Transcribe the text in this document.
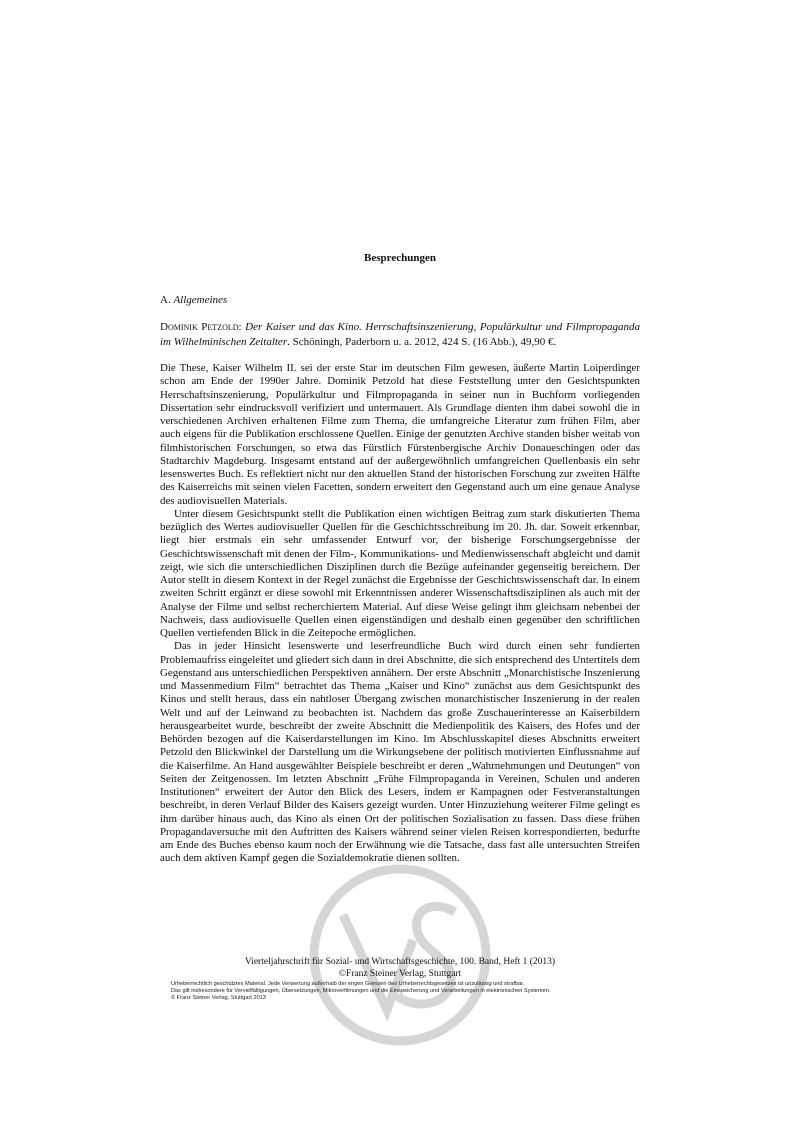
Besprechungen
A. Allgemeines
Dominik Petzold: Der Kaiser und das Kino. Herrschaftsinszenierung, Populärkultur und Filmpropaganda im Wilhelminischen Zeitalter. Schöningh, Paderborn u. a. 2012, 424 S. (16 Abb.), 49,90 €.

Die These, Kaiser Wilhelm II. sei der erste Star im deutschen Film gewesen, äußerte Martin Loiperdinger schon am Ende der 1990er Jahre. Dominik Petzold hat diese Feststellung unter den Gesichtspunkten Herrschaftsinszenierung, Populärkultur und Filmpropaganda in seiner nun in Buchform vorliegenden Dissertation sehr eindrucksvoll verifiziert und untermauert. Als Grundlage dienten ihm dabei sowohl die in verschiedenen Archiven erhaltenen Filme zum Thema, die umfangreiche Literatur zum frühen Film, aber auch eigens für die Publikation erschlossene Quellen. Einige der genutzten Archive standen bisher weitab von filmhistorischen Forschungen, so etwa das Fürstlich Fürstenbergische Archiv Donaueschingen oder das Stadtarchiv Magdeburg. Insgesamt entstand auf der außergewöhnlich umfangreichen Quellenbasis ein sehr lesenswertes Buch. Es reflektiert nicht nur den aktuellen Stand der historischen Forschung zur zweiten Hälfte des Kaiserreichs mit seinen vielen Facetten, sondern erweitert den Gegenstand auch um eine genaue Analyse des audiovisuellen Materials.

Unter diesem Gesichtspunkt stellt die Publikation einen wichtigen Beitrag zum stark diskutierten Thema bezüglich des Wertes audiovisueller Quellen für die Geschichtsschreibung im 20. Jh. dar. Soweit erkennbar, liegt hier erstmals ein sehr umfassender Entwurf vor, der bisherige Forschungsergebnisse der Geschichtswissenschaft mit denen der Film-, Kommunikations- und Medienwissenschaft abgleicht und damit zeigt, wie sich die unterschiedlichen Disziplinen durch die Bezüge aufeinander gegenseitig bereichern. Der Autor stellt in diesem Kontext in der Regel zunächst die Ergebnisse der Geschichtswissenschaft dar. In einem zweiten Schritt ergänzt er diese sowohl mit Erkenntnissen anderer Wissenschaftsdisziplinen als auch mit der Analyse der Filme und selbst recherchiertem Material. Auf diese Weise gelingt ihm gleichsam nebenbei der Nachweis, dass audiovisuelle Quellen einen eigenständigen und deshalb einen gegenüber den schriftlichen Quellen vertiefenden Blick in die Zeitepoche ermöglichen.

Das in jeder Hinsicht lesenswerte und leserfreundliche Buch wird durch einen sehr fundierten Problemaufriss eingeleitet und gliedert sich dann in drei Abschnitte, die sich entsprechend des Untertitels dem Gegenstand aus unterschiedlichen Perspektiven annähern. Der erste Abschnitt „Monarchistische Inszenierung und Massenmedium Film“ betrachtet das Thema „Kaiser und Kino“ zunächst aus dem Gesichtspunkt des Kinos und stellt heraus, dass ein nahtloser Übergang zwischen monarchistischer Inszenierung in der realen Welt und auf der Leinwand zu beobachten ist. Nachdem das große Zuschauerinteresse an Kaiserbildern herausgearbeitet wurde, beschreibt der zweite Abschnitt die Medienpolitik des Kaisers, des Hofes und der Behörden bezogen auf die Kaiserdarstellungen im Kino. Im Abschlusskapitel dieses Abschnitts erweitert Petzold den Blickwinkel der Darstellung um die Wirkungsebene der politisch motivierten Einflussnahme auf die Kaiserfilme. An Hand ausgewählter Beispiele beschreibt er deren „Wahrnehmungen und Deutungen“ von Seiten der Zeitgenossen. Im letzten Abschnitt „Frühe Filmpropaganda in Vereinen, Schulen und anderen Institutionen“ erweitert der Autor den Blick des Lesers, indem er Kampagnen oder Festveranstaltungen beschreibt, in deren Verlauf Bilder des Kaisers gezeigt wurden. Unter Hinzuziehung weiterer Filme gelingt es ihm darüber hinaus auch, das Kino als einen Ort der politischen Sozialisation zu fassen. Dass diese frühen Propagandaversuche mit den Auftritten des Kaisers während seiner vielen Reisen korrespondierten, bedurfte am Ende des Buches ebenso kaum noch der Erwähnung wie die Tatsache, dass fast alle untersuchten Streifen auch dem aktiven Kampf gegen die Sozialdemokratie dienen sollten.

Vierteljahrschrift für Sozial- und Wirtschaftsgeschichte, 100. Band, Heft 1 (2013)
©Franz Steiner Verlag, Stuttgart
Urheberrechtlich geschütztes Material. Jede Verwertung außerhalb der engen Grenzen des Urheberrechtsgesetzes ist unzulässig und strafbar.
Das gilt insbesondere für Vervielfältigungen, Übersetzungen, Mikroverfilmungen und die Einspeicherung und Verarbeitungen in elektronischen Systemen.
© Franz Steiner Verlag, Stuttgart 2013
